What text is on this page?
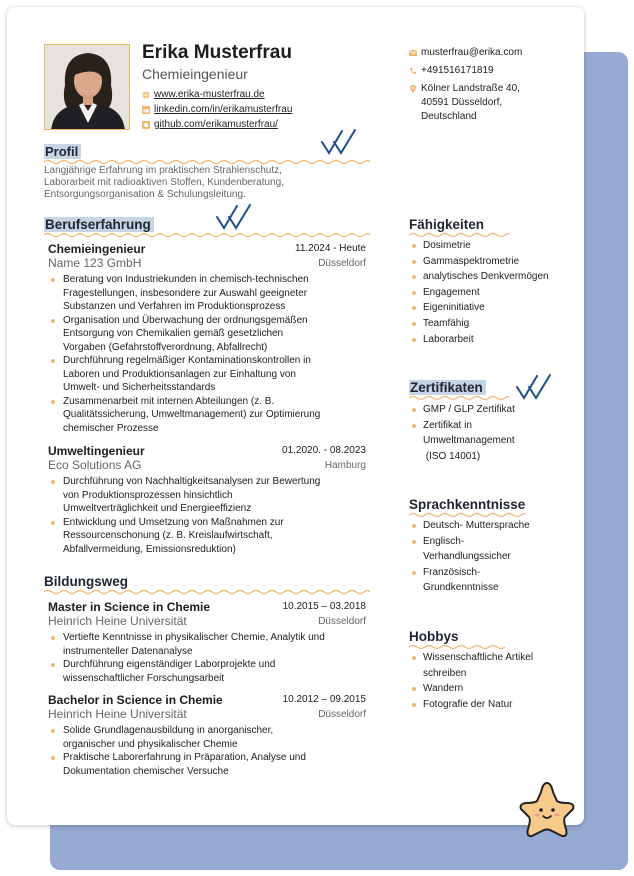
Erika Musterfrau
Chemieingenieur
www.erika-musterfrau.de
linkedin.com/in/erikamusterfrau
github.com/erikamusterfrau/
musterfrau@erika.com
+491516171819
Kölner Landstraße 40,
40591 Düsseldorf,
Deutschland
Profil
Langjährige Erfahrung im praktischen Strahlenschutz,
Laborarbeit mit radioaktiven Stoffen, Kundenberatung,
Entsorgungsorganisation & Schulungsleitung.
Berufserfahrung
Chemieingenieur	11.2024 - Heute
Name 123 GmbH	Düsseldorf
Beratung von Industriekunden in chemisch-technischen
Fragestellungen, insbesondere zur Auswahl geeigneter
Substanzen und Verfahren im Produktionsprozess
Organisation und Überwachung der ordnungsgemäßen
Entsorgung von Chemikalien gemäß gesetzlichen
Vorgaben (Gefahrstoffverordnung, Abfallrecht)
Durchführung regelmäßiger Kontaminationskontrollen in
Laboren und Produktionsanlagen zur Einhaltung von
Umwelt- und Sicherheitsstandards
Zusammenarbeit mit internen Abteilungen (z. B.
Qualitätssicherung, Umweltmanagement) zur Optimierung
chemischer Prozesse
Umweltingenieur	01.2020. - 08.2023
Eco Solutions AG	Hamburg
Durchführung von Nachhaltigkeitsanalysen zur Bewertung
von Produktionsprozessen hinsichtlich
Umweltverträglichkeit und Energieeffizienz
Entwicklung und Umsetzung von Maßnahmen zur
Ressourcenschonung (z. B. Kreislaufwirtschaft,
Abfallvermeidung, Emissionsreduktion)
Bildungsweg
Master in Science in Chemie	10.2015 – 03.2018
Heinrich Heine Universität	Düsseldorf
Vertiefte Kenntnisse in physikalischer Chemie, Analytik und
instrumenteller Datenanalyse
Durchführung eigenständiger Laborprojekte und
wissenschaftlicher Forschungsarbeit
Bachelor in Science in Chemie	10.2012 – 09.2015
Heinrich Heine Universität	Düsseldorf
Solide Grundlagenausbildung in anorganischer,
organischer und physikalischer Chemie
Praktische Laborerfahrung in Präparation, Analyse und
Dokumentation chemischer Versuche
Fähigkeiten
Dosimetrie
Gammaspektrometrie
analytisches Denkvermögen
Engagement
Eigeninitiative
Teamfähig
Laborarbeit
Zertifikaten
GMP / GLP Zertifikat
Zertifikat in
Umweltmanagement
(ISO 14001)
Sprachkenntnisse
Deutsch- Muttersprache
Englisch-
Verhandlungssicher
Französisch-
Grundkenntnisse
Hobbys
Wissenschaftliche Artikel
schreiben
Wandern
Fotografie der Natur
